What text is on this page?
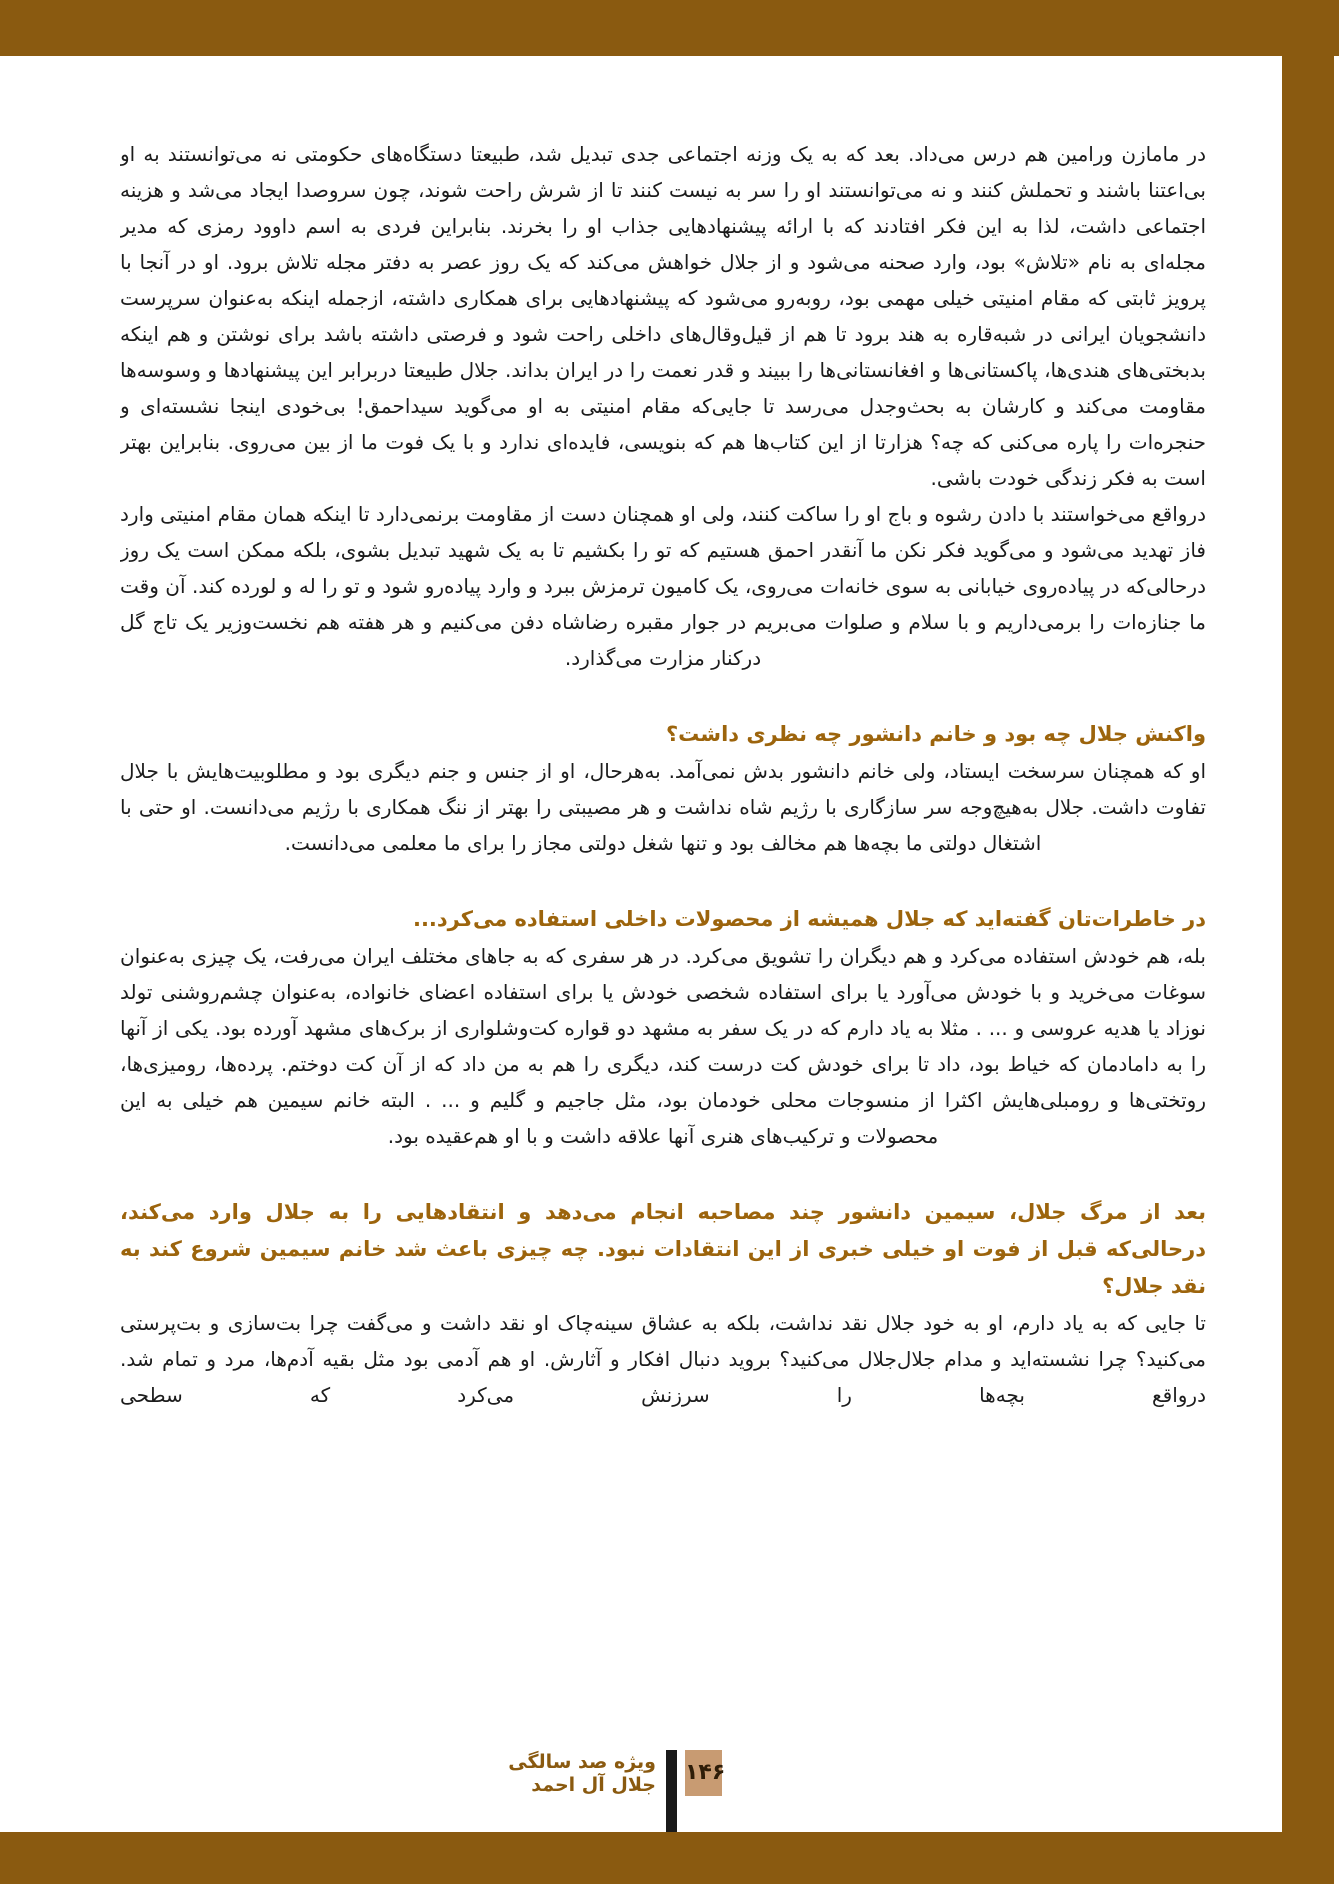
در مامازن ورامین هم درس می‌داد. بعد که به یک وزنه اجتماعی جدی تبدیل شد، طبیعتا دستگاه‌های حکومتی نه می‌توانستند به او بی‌اعتنا باشند و تحملش کنند و نه می‌توانستند او را سر به نیست کنند تا از شرش راحت شوند، چون سروصدا ایجاد می‌شد و هزینه اجتماعی داشت، لذا به این فکر افتادند که با ارائه پیشنهادهایی جذاب او را بخرند. بنابراین فردی به اسم داوود رمزی که مدیر مجله‌ای به نام «تلاش» بود، وارد صحنه می‌شود و از جلال خواهش می‌کند که یک روز عصر به دفتر مجله تلاش برود. او در آنجا با پرویز ثابتی که مقام امنیتی خیلی مهمی بود، روبه‌رو می‌شود که پیشنهادهایی برای همکاری داشته، ازجمله اینکه به‌عنوان سرپرست دانشجویان ایرانی در شبه‌قاره به هند برود تا هم از قیل‌وقال‌های داخلی راحت شود و فرصتی داشته باشد برای نوشتن و هم اینکه بدبختی‌های هندی‌ها، پاکستانی‌ها و افغانستانی‌ها را ببیند و قدر نعمت را در ایران بداند. جلال طبیعتا دربرابر این پیشنهادها و وسوسه‌ها مقاومت می‌کند و کارشان به بحث‌وجدل می‌رسد تا جایی‌که مقام امنیتی به او می‌گوید سیداحمق! بی‌خودی اینجا نشسته‌ای و حنجره‌ات را پاره می‌کنی که چه؟ هزارتا از این کتاب‌ها هم که بنویسی، فایده‌ای ندارد و با یک فوت ما از بین می‌روی. بنابراین بهتر است به فکر زندگی خودت باشی.

درواقع می‌خواستند با دادن رشوه و باج او را ساکت کنند، ولی او همچنان دست از مقاومت برنمی‌دارد تا اینکه همان مقام امنیتی وارد فاز تهدید می‌شود و می‌گوید فکر نکن ما آنقدر احمق هستیم که تو را بکشیم تا به یک شهید تبدیل بشوی، بلکه ممکن است یک روز درحالی‌که در پیاده‌روی خیابانی به سوی خانه‌ات می‌روی، یک کامیون ترمزش ببرد و وارد پیاده‌رو شود و تو را له و لورده کند. آن وقت ما جنازه‌ات را برمی‌داریم و با سلام و صلوات می‌بریم در جوار مقبره رضاشاه دفن می‌کنیم و هر هفته هم نخست‌وزیر یک تاج گل درکنار مزارت می‌گذارد.

واکنش جلال چه بود و خانم دانشور چه نظری داشت؟

او که همچنان سرسخت ایستاد، ولی خانم دانشور بدش نمی‌آمد. به‌هرحال، او از جنس و جنم دیگری بود و مطلوبیت‌هایش با جلال تفاوت داشت. جلال به‌هیچ‌وجه سر سازگاری با رژیم شاه نداشت و هر مصیبتی را بهتر از ننگ همکاری با رژیم می‌دانست. او حتی با اشتغال دولتی ما بچه‌ها هم مخالف بود و تنها شغل دولتی مجاز را برای ما معلمی می‌دانست.

در خاطرات‌تان گفته‌اید که جلال همیشه از محصولات داخلی استفاده می‌کرد...

بله، هم خودش استفاده می‌کرد و هم دیگران را تشویق می‌کرد. در هر سفری که به جاهای مختلف ایران می‌رفت، یک چیزی به‌عنوان سوغات می‌خرید و با خودش می‌آورد یا برای استفاده شخصی خودش یا برای استفاده اعضای خانواده، به‌عنوان چشم‌روشنی تولد نوزاد یا هدیه عروسی و ... . مثلا به یاد دارم که در یک سفر به مشهد دو قواره کت‌وشلواری از برک‌های مشهد آورده بود. یکی از آنها را به دامادمان که خیاط بود، داد تا برای خودش کت درست کند، دیگری را هم به من داد که از آن کت دوختم. پرده‌ها، رومیزی‌ها، روتختی‌ها و رومبلی‌هایش اکثرا از منسوجات محلی خودمان بود، مثل جاجیم و گلیم و ... . البته خانم سیمین هم خیلی به این محصولات و ترکیب‌های هنری آنها علاقه داشت و با او هم‌عقیده بود.

بعد از مرگ جلال، سیمین دانشور چند مصاحبه انجام می‌دهد و انتقادهایی را به جلال وارد می‌کند، درحالی‌که قبل از فوت او خیلی خبری از این انتقادات نبود. چه چیزی باعث شد خانم سیمین شروع کند به نقد جلال؟

تا جایی که به یاد دارم، او به خود جلال نقد نداشت، بلکه به عشاق سینه‌چاک او نقد داشت و می‌گفت چرا بت‌سازی و بت‌پرستی می‌کنید؟ چرا نشسته‌اید و مدام جلال‌جلال می‌کنید؟ بروید دنبال افکار و آثارش. او هم آدمی بود مثل بقیه آدم‌ها، مرد و تمام شد. درواقع بچه‌ها را سرزنش می‌کرد که سطحی

ویژه صد سالگی
جلال آل احمد ۱۴۶
